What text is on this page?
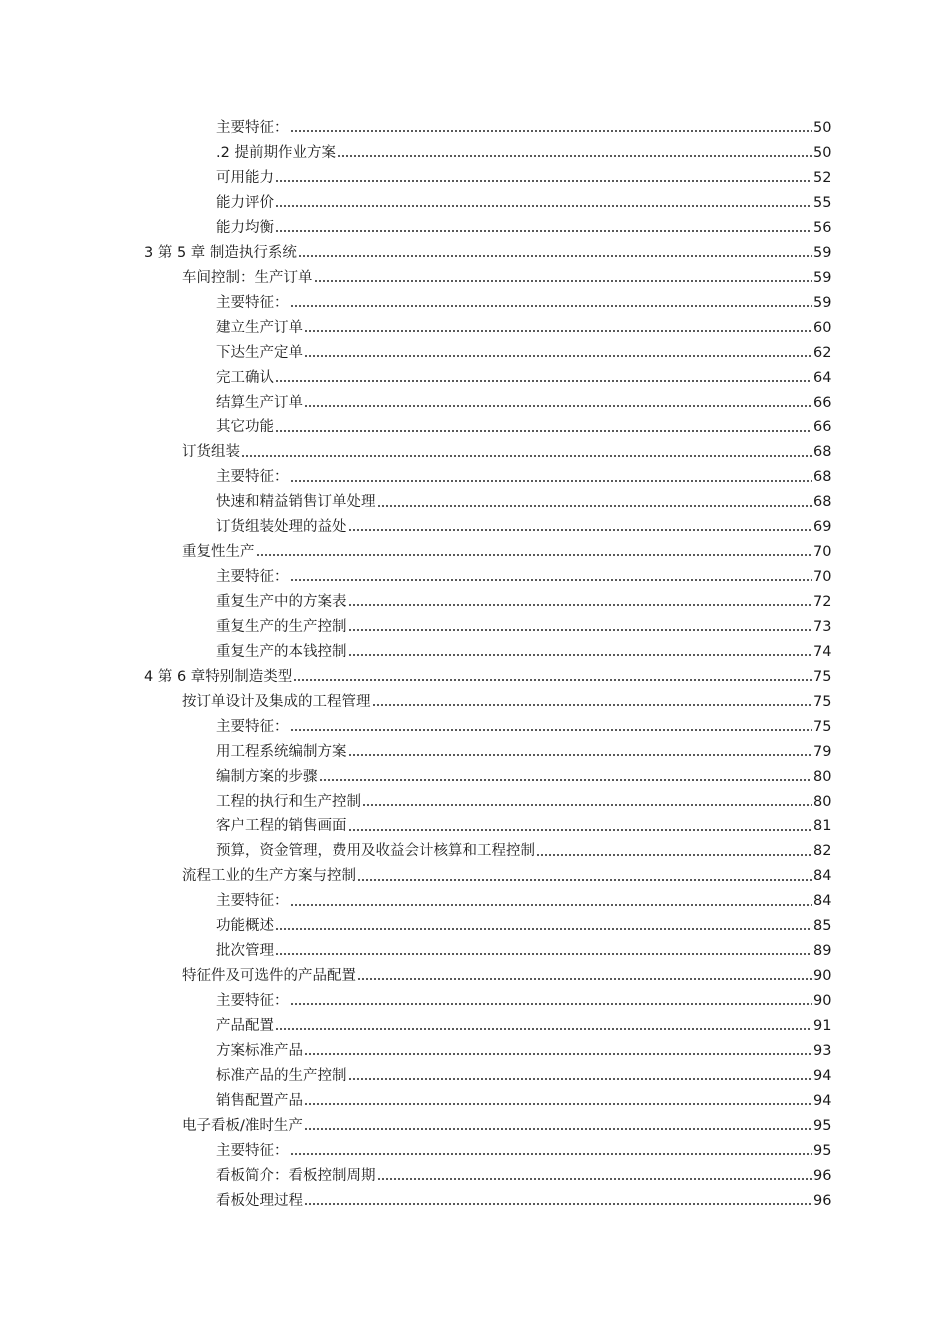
主要特征：	50
.2 提前期作业方案	50
可用能力	52
能力评价	55
能力均衡	56
3 第 5 章 制造执行系统	59
车间控制：生产订单	59
主要特征：	59
建立生产订单	60
下达生产定单	62
完工确认	64
结算生产订单	66
其它功能	66
订货组装	68
主要特征：	68
快速和精益销售订单处理	68
订货组装处理的益处	69
重复性生产	70
主要特征：	70
重复生产中的方案表	72
重复生产的生产控制	73
重复生产的本钱控制	74
4 第 6 章特别制造类型	75
按订单设计及集成的工程管理	75
主要特征：	75
用工程系统编制方案	79
编制方案的步骤	80
工程的执行和生产控制	80
客户工程的销售画面	81
预算，资金管理，费用及收益会计核算和工程控制	82
流程工业的生产方案与控制	84
主要特征：	84
功能概述	85
批次管理	89
特征件及可选件的产品配置	90
主要特征：	90
产品配置	91
方案标准产品	93
标准产品的生产控制	94
销售配置产品	94
电子看板/准时生产	95
主要特征：	95
看板简介：看板控制周期	96
看板处理过程	96
